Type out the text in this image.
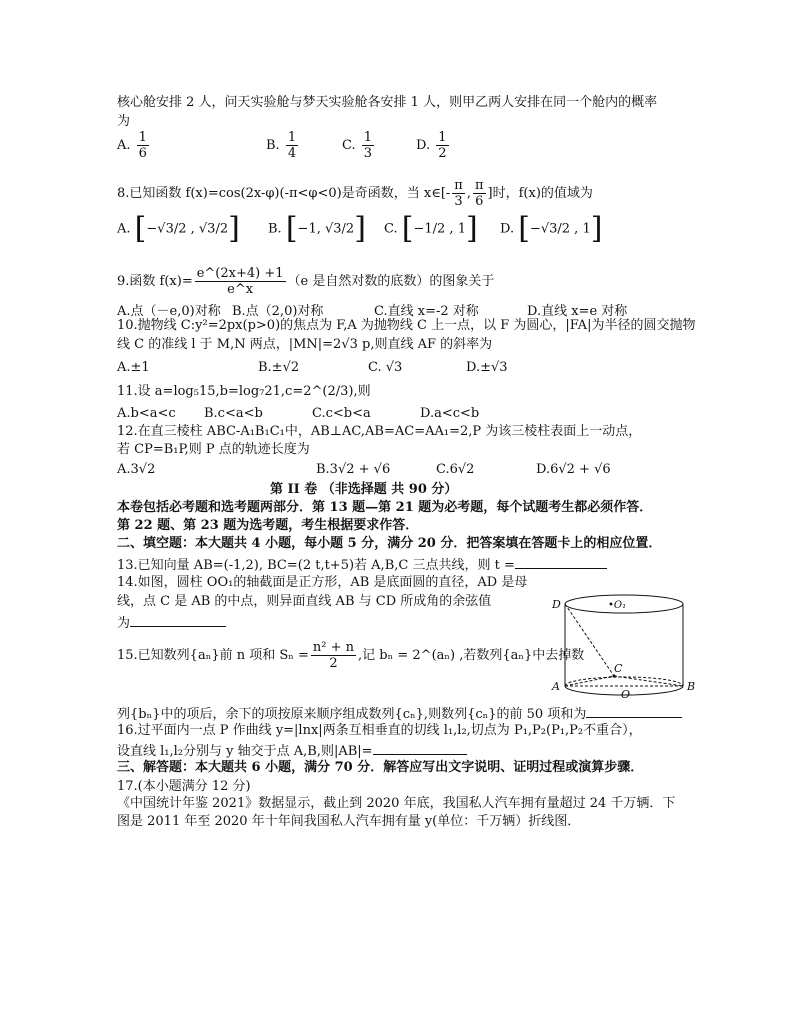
核心舱安排 2 人，问天实验舱与梦天实验舱各安排 1 人，则甲乙两人安排在同一个舱内的概率
为
A. $\frac{1}{6}$	B. $\frac{1}{4}$	C. $\frac{1}{3}$	D. $\frac{1}{2}$
8.已知函数 f(x)=cos(2x-φ)(-π<φ<0)是奇函数，当 x∈[- $\frac{\pi}{3}$ , $\frac{\pi}{6}$ ]时，f(x)的值域为
A. [−√3/2 , √3/2] B. [−1, √3/2] C. [−1/2 , 1] D. [−√3/2 , 1]
9.函数 $f(x)= \frac{e\^{}(2x+4) +1}{e\^{}x} (e$ 是自然对数的底数）的图象关于
A.点（－e,0)对称 B.点（2,0)对称	C.直线 x=-2 对称	D.直线 x=e 对称
10.抛物线 C:y²=2px(p>0)的焦点为 F,A 为抛物线 C 上一点，以 F 为圆心，|FA|为半径的圆交抛物
线 C 的准线 l 于 M,N 两点，|MN|=2√3 p,则直线 AF 的斜率为
A.±1	B.±√2	C. √3	D.±√3
11.设 a=log₅15,b=log₇21,c=2^(2/3),则
A.b<a<c B.c<a<b	C.c<b<a	D.a<c<b
12.在直三棱柱 ABC-A₁B₁C₁中，AB⊥AC,AB=AC=AA₁=2,P 为该三棱柱表面上一动点，
若 CP=B₁P,则 P 点的轨迹长度为
A.3√2	B.3√2 + √6	C.6√2	D.6√2 + √6
第 II 卷 （非选择题 共 90 分）
本卷包括必考题和选考题两部分．第 13 题—第 21 题为必考题，每个试题考生都必须作答．
第 22 题、第 23 题为选考题，考生根据要求作答．
二、填空题：本大题共 4 小题，每小题 5 分，满分 20 分．把答案填在答题卡上的相应位置．
13.已知向量 AB=(-1,2), BC=(2 t,t+5)若 A,B,C 三点共线，则 t =
14.如图，圆柱 OO₁的轴截面是正方形，AB 是底面圆的直径，AD 是母
线，点 C 是 AB 的中点，则异面直线 AB 与 CD 所成角的余弦值
为
15.已知数列{aₙ}前 n 项和 $S_n = \frac{\text{n² + n}}{2}$ ,记 bₙ = 2^(aₙ) ,若数列{aₙ}中去掉数
列{bₙ}中的项后，余下的项按原来顺序组成数列{cₙ},则数列{cₙ}的前 50 项和为
16.过平面内一点 P 作曲线 y=|lnx|两条互相垂直的切线 l₁,l₂,切点为 P₁,P₂(P₁,P₂不重合），
设直线 l₁,l₂分别与 y 轴交于点 A,B,则|AB|=
三、解答题：本大题共 6 小题，满分 70 分．解答应写出文字说明、证明过程或演算步骤．
17.(本小题满分 12 分)
《中国统计年鉴 2021》数据显示，截止到 2020 年底，我国私人汽车拥有量超过 24 千万辆．下
图是 2011 年至 2020 年十年间我国私人汽车拥有量 y(单位：千万辆）折线图．
D	•O₁
C
A
O
B
